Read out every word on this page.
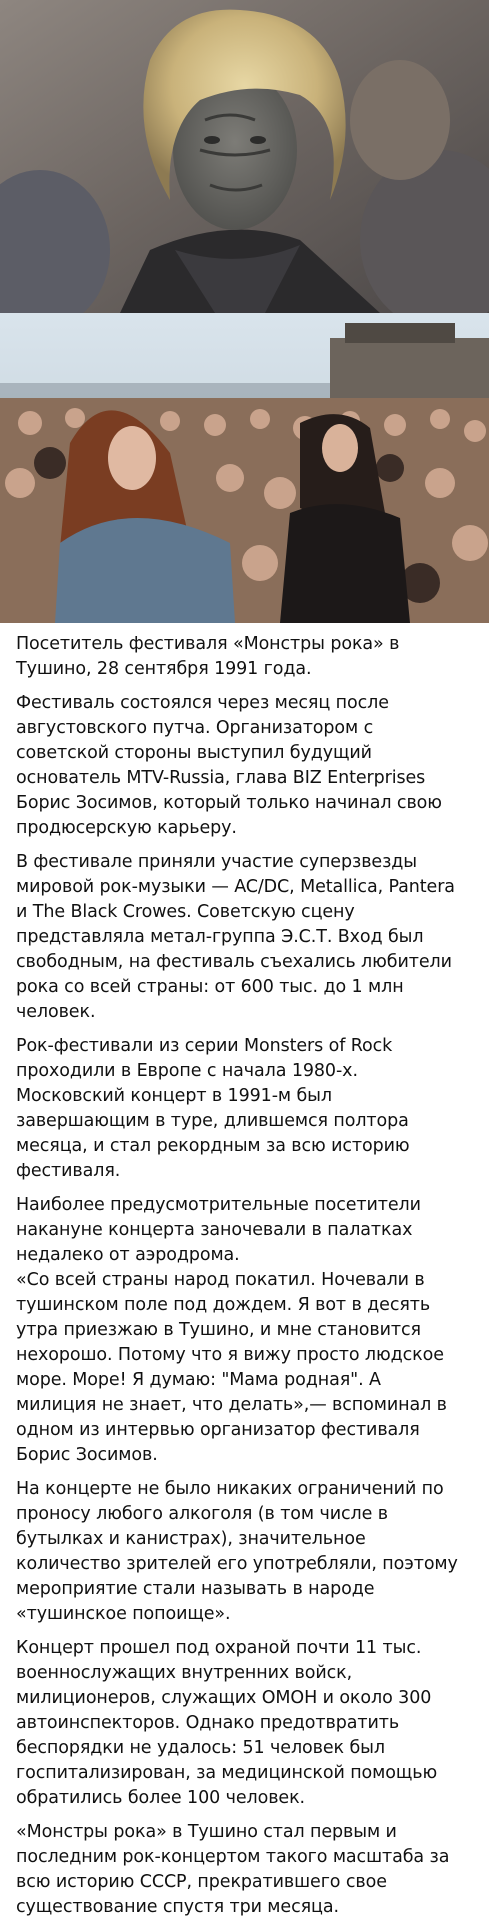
Посетитель фестиваля «Монстры рока» в
Тушино, 28 сентября 1991 года.

Фестиваль состоялся через месяц после
августовского путча. Организатором с
советской стороны выступил будущий
основатель MTV-Russia, глава BIZ Enterprises
Борис Зосимов, который только начинал свою
продюсерскую карьеру.

В фестивале приняли участие суперзвезды
мировой рок-музыки — AC/DC, Metallica, Pantera
и The Black Crowes. Советскую сцену
представляла метал-группа Э.С.Т. Вход был
свободным, на фестиваль съехались любители
рока со всей страны: от 600 тыс. до 1 млн
человек.

Рок-фестивали из серии Monsters of Rock
проходили в Европе с начала 1980-х.
Московский концерт в 1991-м был
завершающим в туре, длившемся полтора
месяца, и стал рекордным за всю историю
фестиваля.

Наиболее предусмотрительные посетители
накануне концерта заночевали в палатках
недалеко от аэродрома.
«Со всей страны народ покатил. Ночевали в
тушинском поле под дождем. Я вот в десять
утра приезжаю в Тушино, и мне становится
нехорошо. Потому что я вижу просто людское
море. Море! Я думаю: "Мама родная". А
милиция не знает, что делать»,— вспоминал в
одном из интервью организатор фестиваля
Борис Зосимов.

На концерте не было никаких ограничений по
проносу любого алкоголя (в том числе в
бутылках и канистрах), значительное
количество зрителей его употребляли, поэтому
мероприятие стали называть в народе
«тушинское попоище».

Концерт прошел под охраной почти 11 тыс.
военнослужащих внутренних войск,
милиционеров, служащих ОМОН и около 300
автоинспекторов. Однако предотвратить
беспорядки не удалось: 51 человек был
госпитализирован, за медицинской помощью
обратились более 100 человек.

«Монстры рока» в Тушино стал первым и
последним рок-концертом такого масштаба за
всю историю СССР, прекратившего свое
существование спустя три месяца.
